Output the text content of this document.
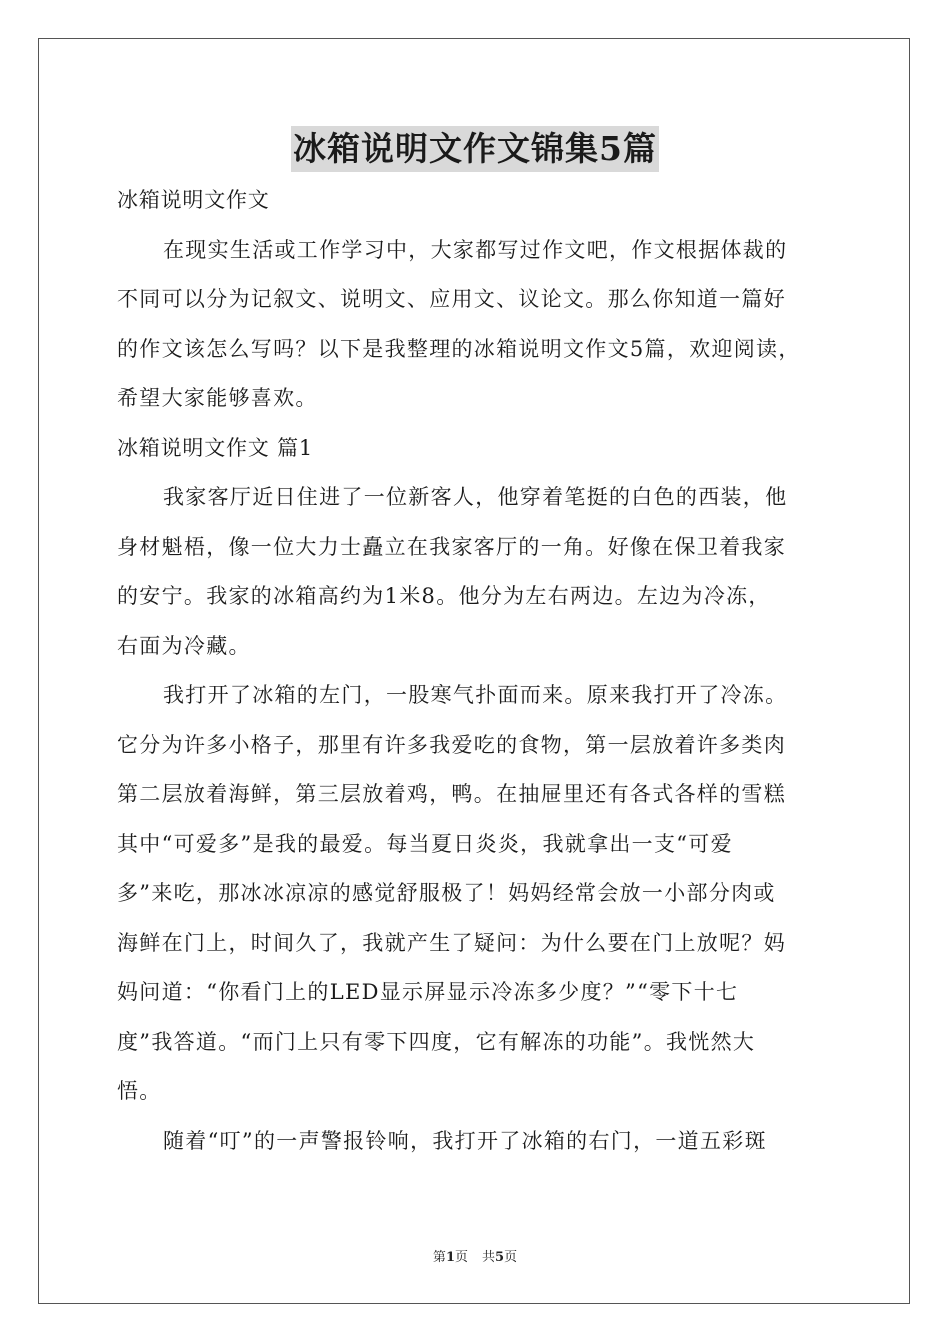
冰箱说明文作文锦集5篇
冰箱说明文作文
在现实生活或工作学习中，大家都写过作文吧，作文根据体裁的
不同可以分为记叙文、说明文、应用文、议论文。那么你知道一篇好
的作文该怎么写吗？以下是我整理的冰箱说明文作文5篇，欢迎阅读，
希望大家能够喜欢。
冰箱说明文作文 篇1
我家客厅近日住进了一位新客人，他穿着笔挺的白色的西装，他
身材魁梧，像一位大力士矗立在我家客厅的一角。好像在保卫着我家
的安宁。我家的冰箱高约为1米8。他分为左右两边。左边为冷冻，
右面为冷藏。
我打开了冰箱的左门，一股寒气扑面而来。原来我打开了冷冻。
它分为许多小格子，那里有许多我爱吃的食物，第一层放着许多类肉
第二层放着海鲜，第三层放着鸡，鸭。在抽屉里还有各式各样的雪糕
其中“可爱多”是我的最爱。每当夏日炎炎，我就拿出一支“可爱
多”来吃，那冰冰凉凉的感觉舒服极了！妈妈经常会放一小部分肉或
海鲜在门上，时间久了，我就产生了疑问：为什么要在门上放呢？妈
妈问道：“你看门上的LED显示屏显示冷冻多少度？”“零下十七
度”我答道。“而门上只有零下四度，它有解冻的功能”。我恍然大
悟。
随着“叮”的一声警报铃响，我打开了冰箱的右门，一道五彩斑
第1页 共5页
